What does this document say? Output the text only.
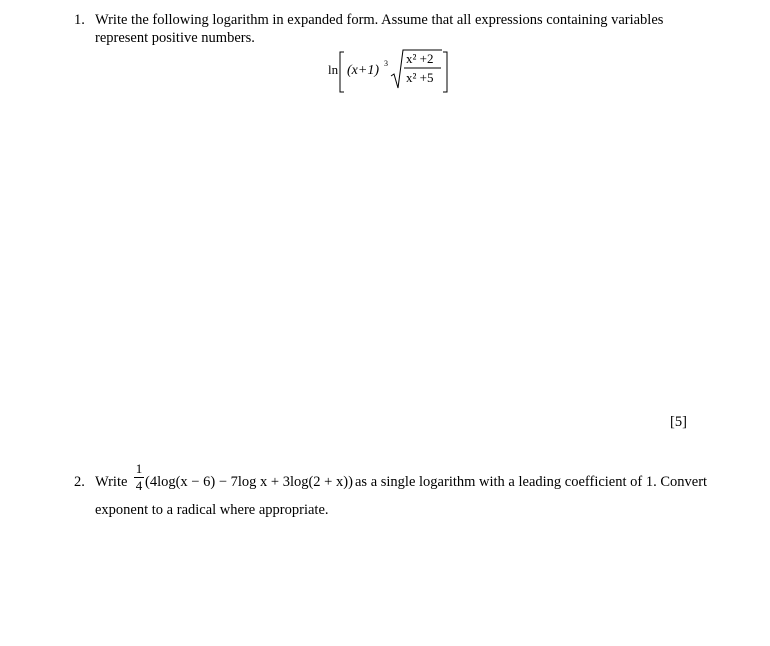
1. Write the following logarithm in expanded form. Assume that all expressions containing variables
represent positive numbers.
ln (x+1) 3 x² +2
x² +5
[5]
2. Write
1
4 (4log(x − 6) − 7log x + 3log(2 + x)) as a single logarithm with a leading coefficient of 1. Convert
exponent to a radical where appropriate.
